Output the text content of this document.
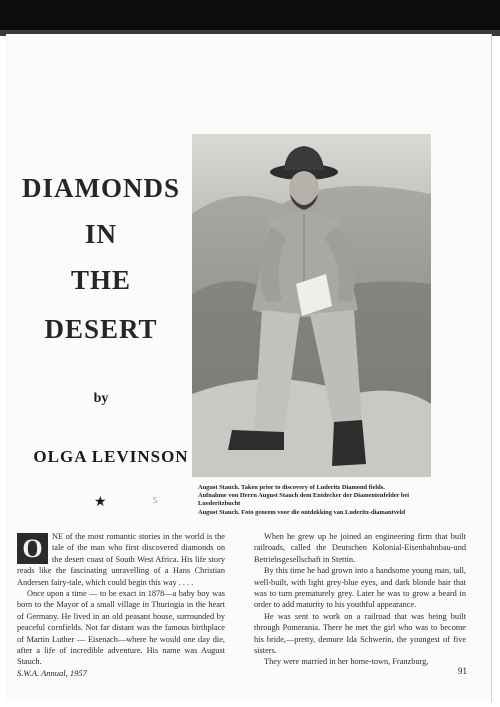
DIAMONDS
IN
THE
DESERT
by
OLGA LEVINSON
★	5
August Stauch. Taken prior to discovery of Luderitz Diamond fields.
Aufnahme von Herrn August Stauch dem Entdecker der Diamentenfelder bei Luederitzbucht
August Stauch. Foto geneem voor die ontdekking van Luderitz-diamantveld
O	NE of the most romantic stories in the world is the tale of the man who first discovered diamonds on the desert coast of South West Africa. His life story reads like the fascinating unravelling of a Hans Christian Andersen fairy-tale, which could begin this way . . . .

Once upon a time — to be exact in 1878—a baby boy was born to the Mayor of a small village in Thuringia in the heart of Germany. He lived in an old peasant house, surrounded by peaceful cornfields. Not far distant was the famous birthplace of Martin Luther — Eisenach—where he would one day die, after a life of incredible adventure. His name was August Stauch.

When he grew up he joined an engineering firm that built railroads, called the Deutschen Kolonial-Eisenbahnbau-und Betriebsgesellschaft in Stettin.

By this time he had grown into a handsome young man, tall, well-built, with light grey-blue eyes, and dark blonde hair that was to turn prematurely grey. Later he was to grow a beard in order to add maturity to his youthful appearance.

He was sent to work on a railroad that was being built through Pomerania. There he met the girl who was to become his bride,—pretty, demure Ida Schwerin, the youngest of five sisters.

They were married in her home-town, Franzburg,

S.W.A. Annual, 1957	91
